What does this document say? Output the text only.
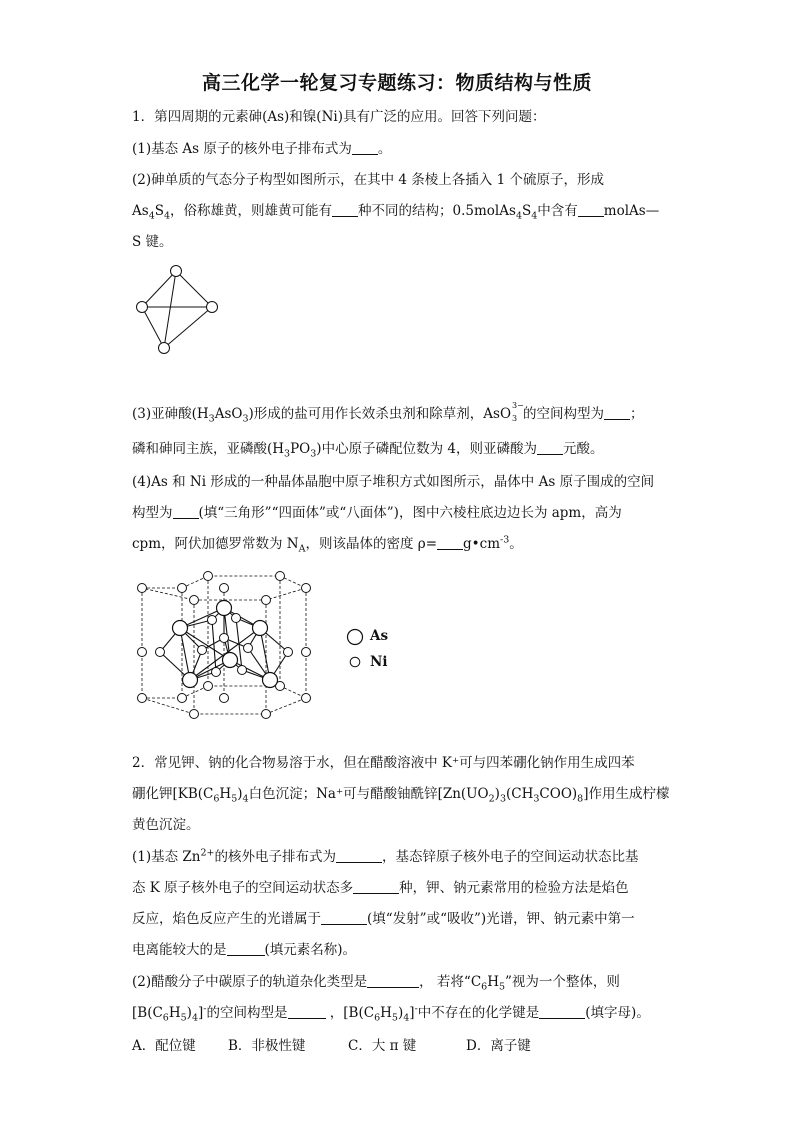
高三化学一轮复习专题练习：物质结构与性质
1．第四周期的元素砷(As)和镍(Ni)具有广泛的应用。回答下列问题：
(1)基态 As 原子的核外电子排布式为 。
(2)砷单质的气态分子构型如图所示，在其中 4 条棱上各插入 1 个硫原子，形成
$As_4S_4$，俗称雄黄，则雄黄可能有 种不同的结构；$0.5molAs_4S_4$中含有 molAs—
S 键。
(3)亚砷酸$(H_3AsO_3)$形成的盐可用作长效杀虫剂和除草剂，AsO
3−
3 的空间构型为 ；
磷和砷同主族，亚磷酸$(H_3PO_3)$中心原子磷配位数为 4，则亚磷酸为 元酸。
(4)As 和 Ni 形成的一种晶体晶胞中原子堆积方式如图所示，晶体中 As 原子围成的空间
构型为 (填“三角形”“四面体”或“八面体”)，图中六棱柱底边边长为 apm，高为
cpm，阿伏加德罗常数为 $N_A$，则该晶体的密度 $\rho= g•cm^{-3}$。
As
Ni
2．常见钾、钠的化合物易溶于水，但在醋酸溶液中 K⁺可与四苯硼化钠作用生成四苯
硼化钾[$KB(C_6H_5)_4$白色沉淀；Na⁺可与醋酸铀酰锌$[Zn(UO_2)_3(CH_3COO)_8]$作用生成柠檬
黄色沉淀。
(1)基态 $Zn^{2+}$的核外电子排布式为	，基态锌原子核外电子的空间运动状态比基
态 K 原子核外电子的空间运动状态多	种，钾、钠元素常用的检验方法是焰色
反应，焰色反应产生的光谱属于	(填“发射”或“吸收”)光谱，钾、钠元素中第一
电离能较大的是	(填元素名称)。
(2)醋酸分子中碳原子的轨道杂化类型是	， 若将“$C_6H_5$”视为一个整体，则
$[B(C_6H_5)_4]^-$的空间构型是	，$[B(C_6H_5)_4]^-$中不存在的化学键是	(填字母)。
A．配位键 B．非极性键	C．大 π 键	D．离子键
